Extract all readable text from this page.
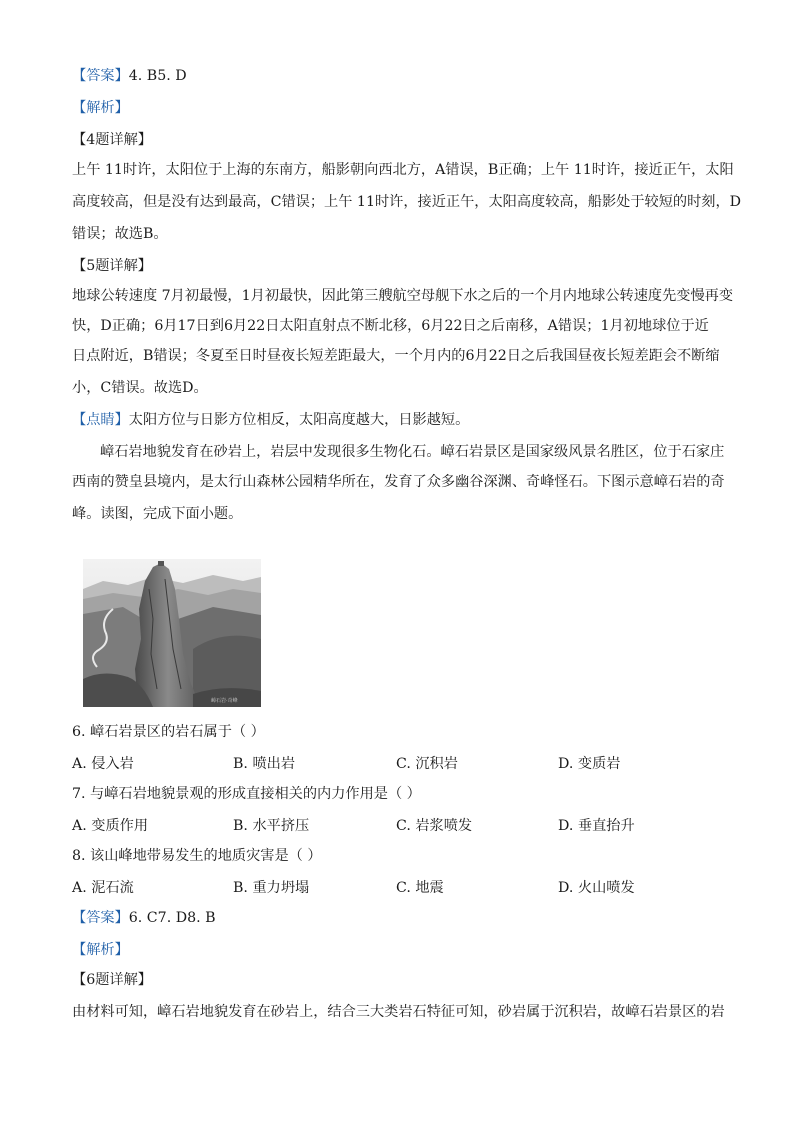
【答案】4. B5. D
【解析】
【4题详解】
上午 11时许，太阳位于上海的东南方，船影朝向西北方，A错误，B正确；上午 11时许，接近正午，太阳
高度较高，但是没有达到最高，C错误；上午 11时许，接近正午，太阳高度较高，船影处于较短的时刻，D
错误；故选B。
【5题详解】
地球公转速度 7月初最慢，1月初最快，因此第三艘航空母舰下水之后的一个月内地球公转速度先变慢再变
快，D正确；6月17日到6月22日太阳直射点不断北移，6月22日之后南移，A错误；1月初地球位于近
日点附近，B错误；冬夏至日时昼夜长短差距最大，一个月内的6月22日之后我国昼夜长短差距会不断缩
小，C错误。故选D。
【点睛】太阳方位与日影方位相反，太阳高度越大，日影越短。
嶂石岩地貌发育在砂岩上，岩层中发现很多生物化石。嶂石岩景区是国家级风景名胜区，位于石家庄
西南的赞皇县境内，是太行山森林公园精华所在，发育了众多幽谷深渊、奇峰怪石。下图示意嶂石岩的奇
峰。读图，完成下面小题。
嶂石岩·奇峰
6. 嶂石岩景区的岩石属于（ ）
A. 侵入岩	B. 喷出岩	C. 沉积岩	D. 变质岩
7. 与嶂石岩地貌景观的形成直接相关的内力作用是（ ）
A. 变质作用	B. 水平挤压	C. 岩浆喷发	D. 垂直抬升
8. 该山峰地带易发生的地质灾害是（ ）
A. 泥石流	B. 重力坍塌	C. 地震	D. 火山喷发
【答案】6. C7. D8. B
【解析】
【6题详解】
由材料可知，嶂石岩地貌发育在砂岩上，结合三大类岩石特征可知，砂岩属于沉积岩，故嶂石岩景区的岩
